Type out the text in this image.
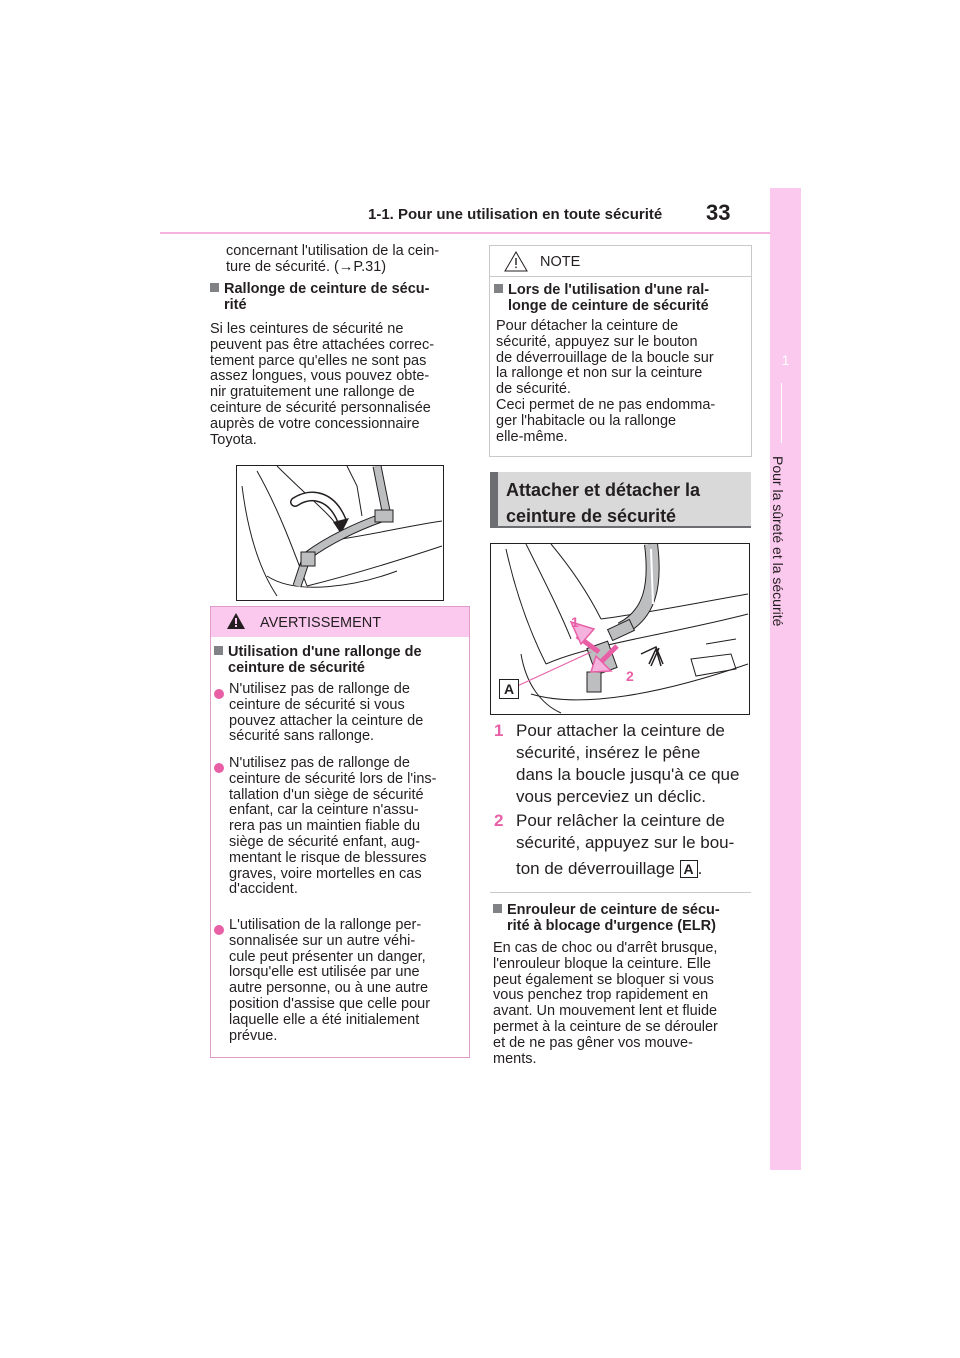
1-1. Pour une utilisation en toute sécurité 33
1
Pour la sûreté et la sécurité
concernant l'utilisation de la cein-
ture de sécurité. (→P.31)
Rallonge de ceinture de sécu-
rité
Si les ceintures de sécurité ne
peuvent pas être attachées correc-
tement parce qu'elles ne sont pas
assez longues, vous pouvez obte-
nir gratuitement une rallonge de
ceinture de sécurité personnalisée
auprès de votre concessionnaire
Toyota.
AVERTISSEMENT
Utilisation d'une rallonge de
ceinture de sécurité
N'utilisez pas de rallonge de
ceinture de sécurité si vous
pouvez attacher la ceinture de
sécurité sans rallonge.
N'utilisez pas de rallonge de
ceinture de sécurité lors de l'ins-
tallation d'un siège de sécurité
enfant, car la ceinture n'assu-
rera pas un maintien fiable du
siège de sécurité enfant, aug-
mentant le risque de blessures
graves, voire mortelles en cas
d'accident.
L'utilisation de la rallonge per-
sonnalisée sur un autre véhi-
cule peut présenter un danger,
lorsqu'elle est utilisée par une
autre personne, ou à une autre
position d'assise que celle pour
laquelle elle a été initialement
prévue.
NOTE
Lors de l'utilisation d'une ral-
longe de ceinture de sécurité
Pour détacher la ceinture de
sécurité, appuyez sur le bouton
de déverrouillage de la boucle sur
la rallonge et non sur la ceinture
de sécurité.
Ceci permet de ne pas endomma-
ger l'habitacle ou la rallonge
elle-même.
Attacher et détacher la
ceinture de sécurité
1
2
A
1 Pour attacher la ceinture de
sécurité, insérez le pêne
dans la boucle jusqu'à ce que
vous perceviez un déclic.
2 Pour relâcher la ceinture de
sécurité, appuyez sur le bou-
ton de déverrouillage A .
Enrouleur de ceinture de sécu-
rité à blocage d'urgence (ELR)
En cas de choc ou d'arrêt brusque,
l'enrouleur bloque la ceinture. Elle
peut également se bloquer si vous
vous penchez trop rapidement en
avant. Un mouvement lent et fluide
permet à la ceinture de se dérouler
et de ne pas gêner vos mouve-
ments.
